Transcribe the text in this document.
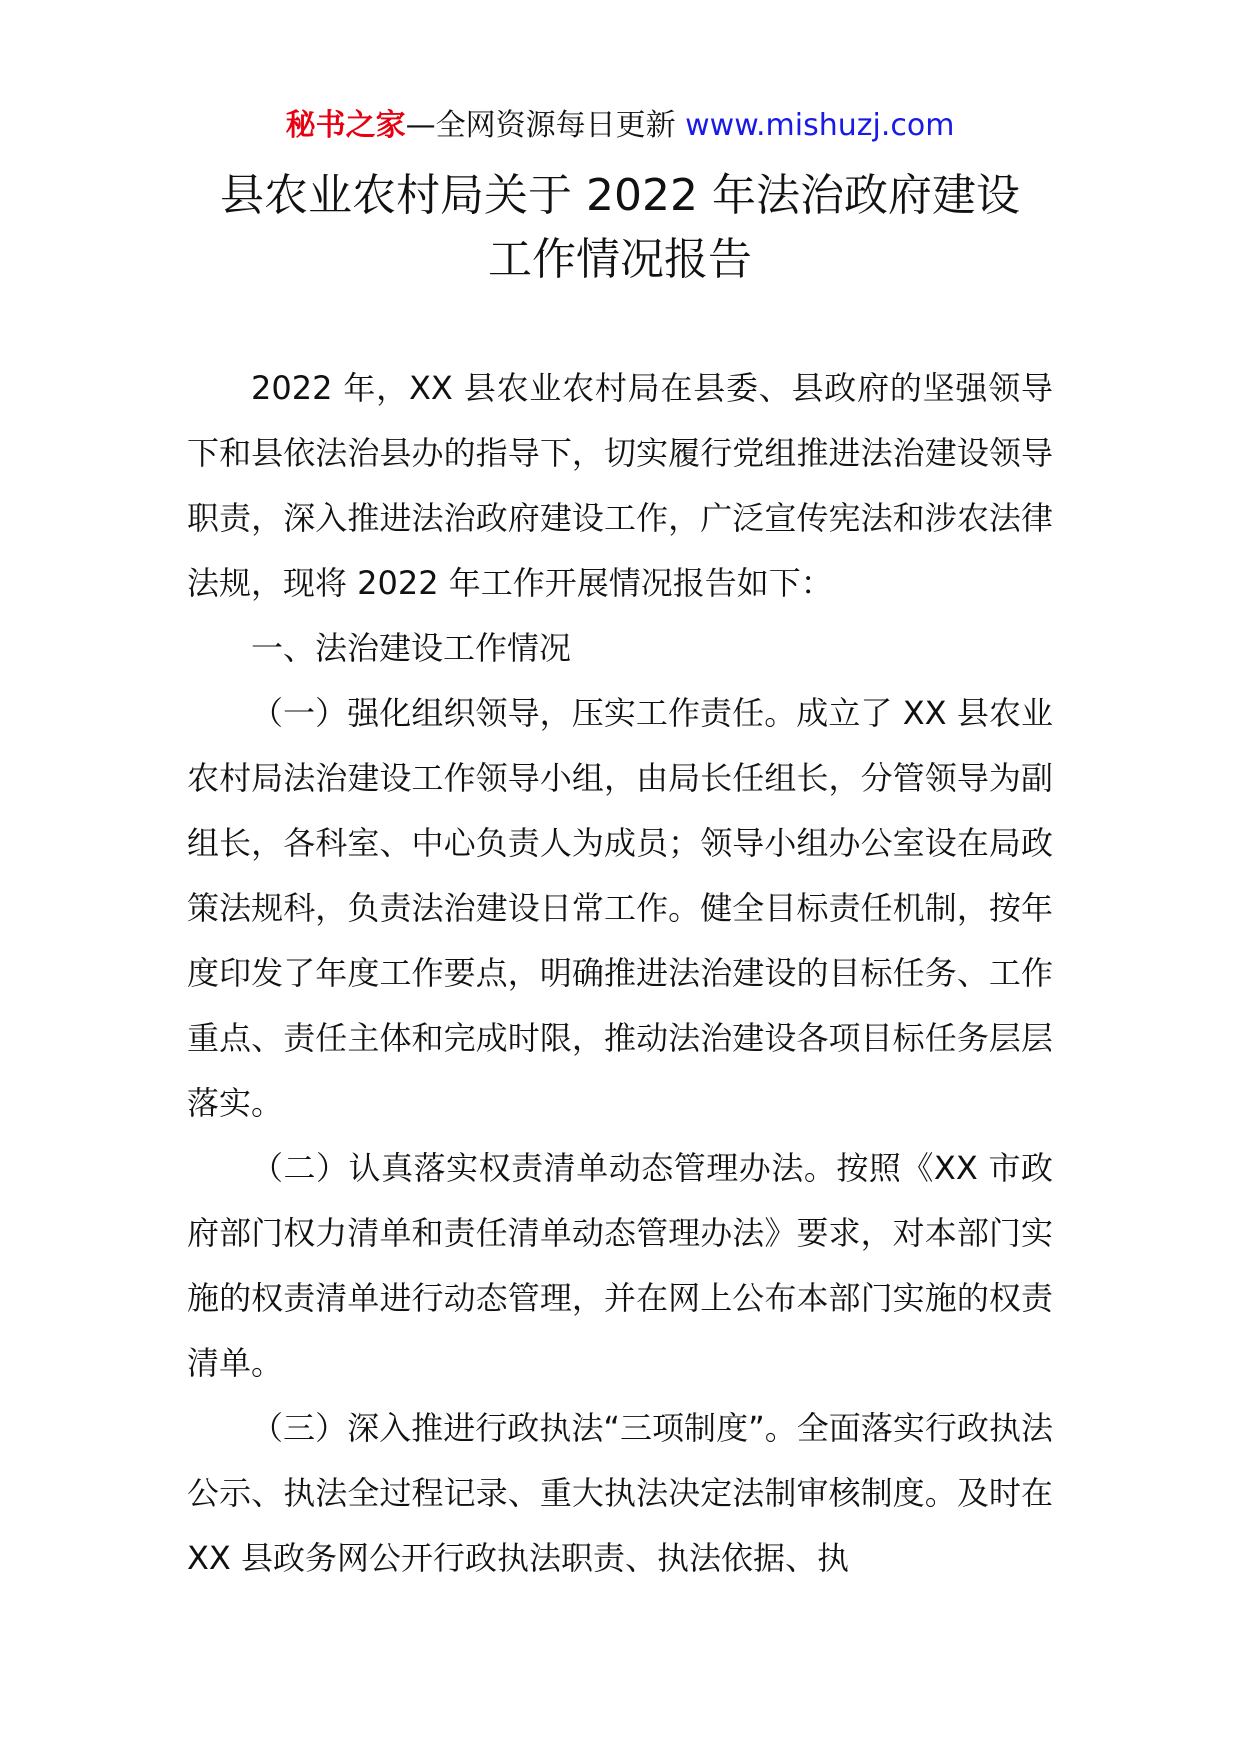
秘书之家—全网资源每日更新 www.mishuzj.com
县农业农村局关于 2022 年法治政府建设
工作情况报告

2022 年，XX 县农业农村局在县委、县政府的坚强领导下和县依法治县办的指导下，切实履行党组推进法治建设领导职责，深入推进法治政府建设工作，广泛宣传宪法和涉农法律法规，现将 2022 年工作开展情况报告如下：

一、法治建设工作情况

（一）强化组织领导，压实工作责任。成立了 XX 县农业农村局法治建设工作领导小组，由局长任组长，分管领导为副组长，各科室、中心负责人为成员；领导小组办公室设在局政策法规科，负责法治建设日常工作。健全目标责任机制，按年度印发了年度工作要点，明确推进法治建设的目标任务、工作重点、责任主体和完成时限，推动法治建设各项目标任务层层落实。

（二）认真落实权责清单动态管理办法。按照《XX 市政府部门权力清单和责任清单动态管理办法》要求，对本部门实施的权责清单进行动态管理，并在网上公布本部门实施的权责清单。

（三）深入推进行政执法“三项制度”。全面落实行政执法公示、执法全过程记录、重大执法决定法制审核制度。及时在 XX 县政务网公开行政执法职责、执法依据、执
